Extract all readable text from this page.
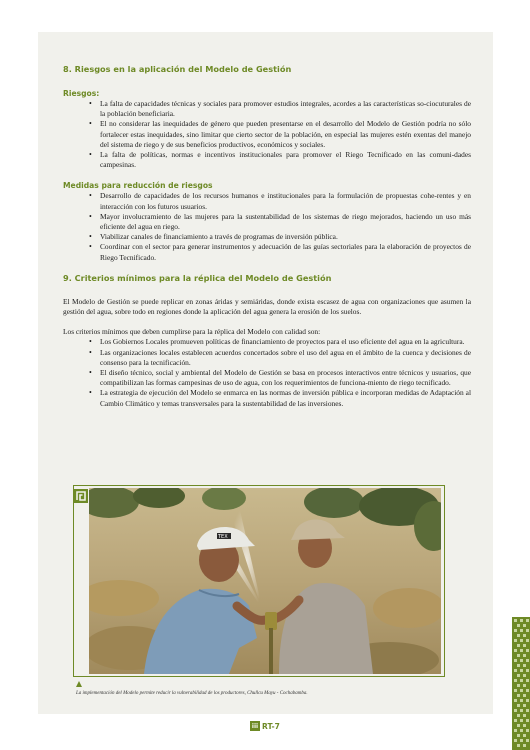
8. Riesgos en la aplicación del Modelo de Gestión
Riesgos:
• La falta de capacidades técnicas y sociales para promover estudios integrales, acordes a las características so-ciocuturales de la población beneficiaria.
• El no considerar las inequidades de género que pueden presentarse en el desarrollo del Modelo de Gestión podría no sólo fortalecer estas inequidades, sino limitar que cierto sector de la población, en especial las mujeres estén exentas del manejo del sistema de riego y de sus beneficios productivos, económicos y sociales.
• La falta de políticas, normas e incentivos institucionales para promover el Riego Tecnificado en las comuni-dades campesinas.
Medidas para reducción de riesgos
• Desarrollo de capacidades de los recursos humanos e institucionales para la formulación de propuestas cohe-rentes y en interacción con los futuros usuarios.
• Mayor involucramiento de las mujeres para la sustentabilidad de los sistemas de riego mejorados, haciendo un uso más eficiente del agua en riego.
• Viabilizar canales de financiamiento a través de programas de inversión pública.
• Coordinar con el sector para generar instrumentos y adecuación de las guías sectoriales para la elaboración de proyectos de Riego Tecnificado.
9. Criterios mínimos para la réplica del Modelo de Gestión

El Modelo de Gestión se puede replicar en zonas áridas y semiáridas, donde exista escasez de agua con organizaciones que asumen la gestión del agua, sobre todo en regiones donde la aplicación del agua genera la erosión de los suelos.

Los criterios mínimos que deben cumplirse para la réplica del Modelo con calidad son:

• Los Gobiernos Locales promueven políticas de financiamiento de proyectos para el uso eficiente del agua en la agricultura.
• Las organizaciones locales establecen acuerdos concertados sobre el uso del agua en el ámbito de la cuenca y decisiones de consenso para la tecnificación.
• El diseño técnico, social y ambiental del Modelo de Gestión se basa en procesos interactivos entre técnicos y usuarios, que compatibilizan las formas campesinas de uso de agua, con los requerimientos de funciona-miento de riego tecnificado.
• La estrategia de ejecución del Modelo se enmarca en las normas de inversión pública e incorporan medidas de Adaptación al Cambio Climático y temas transversales para la sustentabilidad de las inversiones.
TEX
La implementación del Modelo permite reducir la vulnerabilidad de los productores, Chullcu Mayu - Cochabamba.
iii RT-7
